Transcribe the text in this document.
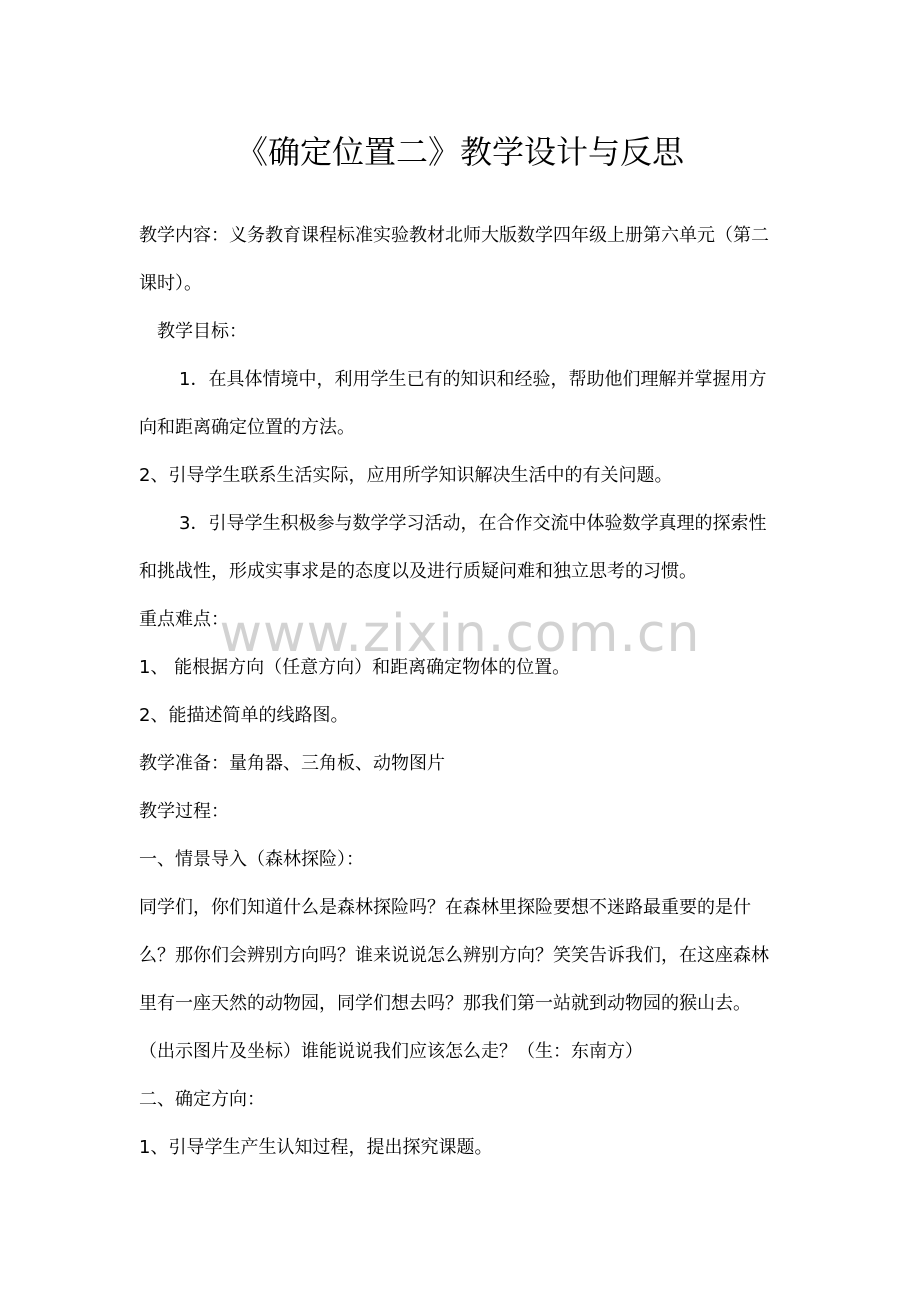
《确定位置二》教学设计与反思

教学内容：义务教育课程标准实验教材北师大版数学四年级上册第六单元（第二课时）。

教学目标：

1．在具体情境中，利用学生已有的知识和经验，帮助他们理解并掌握用方向和距离确定位置的方法。

2、引导学生联系生活实际，应用所学知识解决生活中的有关问题。

3．引导学生积极参与数学学习活动，在合作交流中体验数学真理的探索性和挑战性，形成实事求是的态度以及进行质疑问难和独立思考的习惯。

重点难点：

1、 能根据方向（任意方向）和距离确定物体的位置。

2、能描述简单的线路图。

教学准备：量角器、三角板、动物图片

教学过程：

一、情景导入（森林探险）：

同学们，你们知道什么是森林探险吗？在森林里探险要想不迷路最重要的是什么？那你们会辨别方向吗？谁来说说怎么辨别方向？笑笑告诉我们，在这座森林里有一座天然的动物园，同学们想去吗？那我们第一站就到动物园的猴山去。

（出示图片及坐标）谁能说说我们应该怎么走？（生：东南方）

二、确定方向：

1、引导学生产生认知过程，提出探究课题。

www.zixin.com.cn
